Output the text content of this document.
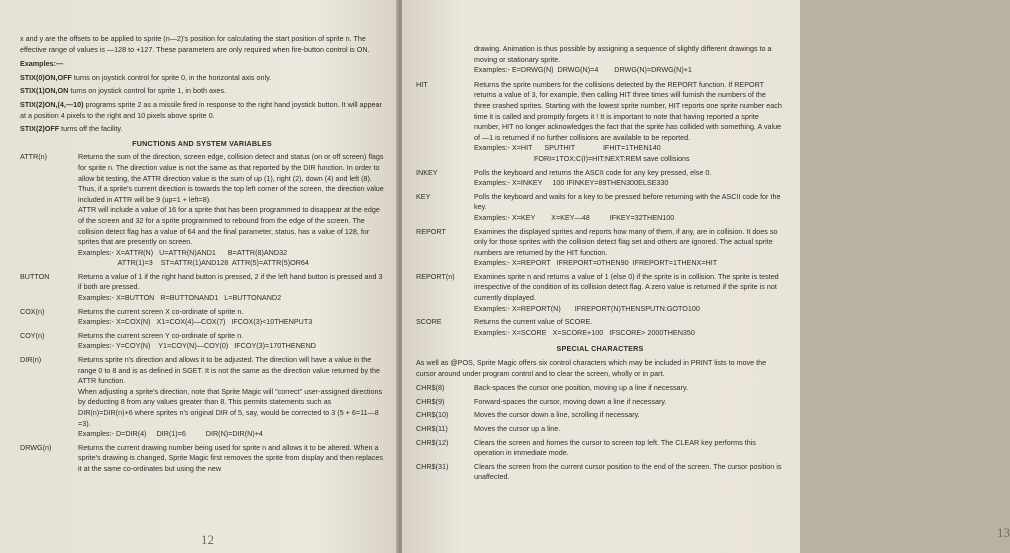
x and y are the offsets to be applied to sprite (n—2)'s position for calculating the start position of sprite n. The effective range of values is —128 to +127. These parameters are only required when fire-button control is ON.

Examples:—

STIX(0)ON,OFF turns on joystick control for sprite 0, in the horizontal axis only.

STIX(1)ON,ON turns on joystick control for sprite 1, in both axes.

STIX(2)ON,(4,—10) programs sprite 2 as a missile fired in response to the right hand joystick button. It will appear at a position 4 pixels to the right and 10 pixels above sprite 0.

STIX(2)OFF turns off the facility.

FUNCTIONS AND SYSTEM VARIABLES
ATTR(n)	Returns the sum of the direction, screen edge, collision detect and status (on or off screen) flags for sprite n. The direction value is not the same as that reported by the DIR function. In order to allow bit testing, the ATTR direction value is the sum of up (1), right (2), down (4) and left (8). Thus, if a sprite's current direction is towards the top left corner of the screen, the direction value included in ATTR will be 9 (up=1 + left=8).

ATTR will include a value of 16 for a sprite that has been programmed to disappear at the edge of the screen and 32 for a sprite programmed to rebound from the edge of the screen. The collision detect flag has a value of 64 and the final parameter, status, has a value of 128, for sprites that are presently on screen.

Examples:- X=ATTR(N)   U=ATTR(N)AND1      B=ATTR(8)AND32

ATTR(1)=3    ST=ATTR(1)AND128  ATTR(5)=ATTR(5)OR64

BUTTON	Returns a value of 1 if the right hand button is pressed, 2 if the left hand button is pressed and 3 if both are pressed.

Examples:- X=BUTTON   R=BUTTONAND1   L=BUTTONAND2

COX(n)	Returns the current screen X co-ordinate of sprite n.

Examples:- X=COX(N)   X1=COX(4)—COX(7)   IFCOX(3)<10THENPUT3

COY(n)	Returns the current screen Y co-ordinate of sprite n.

Examples:- Y=COY(N)    Y1=COY(N)—COY(0)   IFCOY(3)=170THENEND

DIR(n)	Returns sprite n's direction and allows it to be adjusted. The direction will have a value in the range 0 to 8 and is as defined in SGET. It is not the same as the direction value returned by the ATTR function.

When adjusting a sprite's direction, note that Sprite Magic will "correct" user-assigned directions by deducting 8 from any values greater than 8. This permits statements such as DIR(n)=DIR(n)+6 where sprites n's original DIR of 5, say, would be corrected to 3 (5 + 6=11—8 =3).

Examples:- D=DIR(4)     DIR(1)=6          DIR(N)=DIR(N)+4

DRWG(n)	Returns the current drawing number being used for sprite n and allows it to be altered. When a sprite's drawing is changed, Sprite Magic first removes the sprite from display and then replaces it at the same co-ordinates but using the new

12

drawing. Animation is thus possible by assigning a sequence of slightly different drawings to a moving or stationary sprite.

Examples:- E=DRWG(N)  DRWG(N)=4        DRWG(N)=DRWG(N)+1

HIT	Returns the sprite numbers for the collisions detected by the REPORT function. If REPORT returns a value of 3, for example, then calling HIT three times will furnish the numbers of the three crashed sprites. Starting with the lowest sprite number, HIT reports one sprite number each time it is called and promptly forgets it ! It is important to note that having reported a sprite number, HIT no longer acknowledges the fact that the sprite has collided with something. A value of —1 is returned if no further collisions are available to be reported.

Examples:- X=HIT      SPUTHIT              IFHIT=1THEN140

FORI=1TOX:C(I)=HIT:NEXT:REM save collisions

INKEY	Polls the keyboard and returns the ASCII code for any key pressed, else 0.

Examples:- X=INKEY     100 IFINKEY=89THEN300ELSE330

KEY	Polls the keyboard and waits for a key to be pressed before returning with the ASCII code for the key.

Examples:- X=KEY        X=KEY—48          IFKEY=32THEN100

REPORT	Examines the displayed sprites and reports how many of them, if any, are in collision. It does so only for those sprites with the collision detect flag set and others are ignored. The actual sprite numbers are returned by the HIT function.

Examples:- X=REPORT   IFREPORT=0THEN90  IFREPORT=1THENX=HIT

REPORT(n)	Examines sprite n and returns a value of 1 (else 0) if the sprite is in collision. The sprite is tested irrespective of the condition of its collision detect flag. A zero value is returned if the sprite is not currently displayed.

Examples:- X=REPORT(N)       IFREPORT(N)THENSPUTN:GOTO100

SCORE	Returns the current value of SCORE.

Examples:- X=SCORE   X=SCORE+100   IFSCORE> 2000THEN350

SPECIAL CHARACTERS

As well as @POS, Sprite Magic offers six control characters which may be included in PRINT lists to move the cursor around under program control and to clear the screen, wholly or in part.

CHR$(8)	Back-spaces the cursor one position, moving up a line if necessary.
CHR$(9)	Forward-spaces the cursor, moving down a line if necessary.
CHR$(10)	Moves the cursor down a line, scrolling if necessary.
CHR$(11)	Moves the cursor up a line.
CHR$(12)	Clears the screen and homes the cursor to screen top left. The CLEAR key performs this operation in immediate mode.
CHR$(31)	Clears the screen from the current cursor position to the end of the screen. The cursor position is unaffected.
13
